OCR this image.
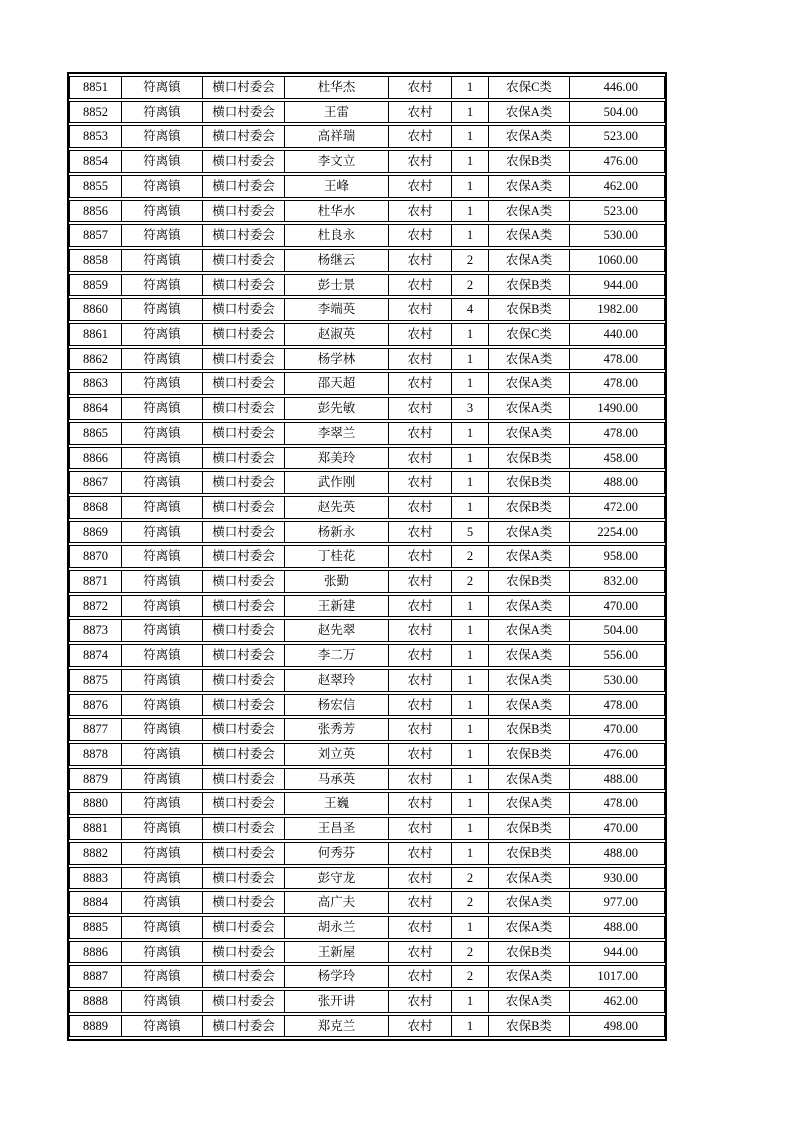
8851	符离镇	横口村委会	杜华杰	农村	1	农保C类	446.00
8852	符离镇	横口村委会	王雷	农村	1	农保A类	504.00
8853	符离镇	横口村委会	高祥瑞	农村	1	农保A类	523.00
8854	符离镇	横口村委会	李文立	农村	1	农保B类	476.00
8855	符离镇	横口村委会	王峰	农村	1	农保A类	462.00
8856	符离镇	横口村委会	杜华水	农村	1	农保A类	523.00
8857	符离镇	横口村委会	杜良永	农村	1	农保A类	530.00
8858	符离镇	横口村委会	杨继云	农村	2	农保A类	1060.00
8859	符离镇	横口村委会	彭士景	农村	2	农保B类	944.00
8860	符离镇	横口村委会	李端英	农村	4	农保B类	1982.00
8861	符离镇	横口村委会	赵淑英	农村	1	农保C类	440.00
8862	符离镇	横口村委会	杨学林	农村	1	农保A类	478.00
8863	符离镇	横口村委会	邵天超	农村	1	农保A类	478.00
8864	符离镇	横口村委会	彭先敏	农村	3	农保A类	1490.00
8865	符离镇	横口村委会	李翠兰	农村	1	农保A类	478.00
8866	符离镇	横口村委会	郑美玲	农村	1	农保B类	458.00
8867	符离镇	横口村委会	武作刚	农村	1	农保B类	488.00
8868	符离镇	横口村委会	赵先英	农村	1	农保B类	472.00
8869	符离镇	横口村委会	杨新永	农村	5	农保A类	2254.00
8870	符离镇	横口村委会	丁桂花	农村	2	农保A类	958.00
8871	符离镇	横口村委会	张勤	农村	2	农保B类	832.00
8872	符离镇	横口村委会	王新建	农村	1	农保A类	470.00
8873	符离镇	横口村委会	赵先翠	农村	1	农保A类	504.00
8874	符离镇	横口村委会	李二万	农村	1	农保A类	556.00
8875	符离镇	横口村委会	赵翠玲	农村	1	农保A类	530.00
8876	符离镇	横口村委会	杨宏信	农村	1	农保A类	478.00
8877	符离镇	横口村委会	张秀芳	农村	1	农保B类	470.00
8878	符离镇	横口村委会	刘立英	农村	1	农保B类	476.00
8879	符离镇	横口村委会	马承英	农村	1	农保A类	488.00
8880	符离镇	横口村委会	王巍	农村	1	农保A类	478.00
8881	符离镇	横口村委会	王昌圣	农村	1	农保B类	470.00
8882	符离镇	横口村委会	何秀芬	农村	1	农保B类	488.00
8883	符离镇	横口村委会	彭守龙	农村	2	农保A类	930.00
8884	符离镇	横口村委会	高广夫	农村	2	农保A类	977.00
8885	符离镇	横口村委会	胡永兰	农村	1	农保A类	488.00
8886	符离镇	横口村委会	王新屋	农村	2	农保B类	944.00
8887	符离镇	横口村委会	杨学玲	农村	2	农保A类	1017.00
8888	符离镇	横口村委会	张开讲	农村	1	农保A类	462.00
8889	符离镇	横口村委会	郑克兰	农村	1	农保B类	498.00
